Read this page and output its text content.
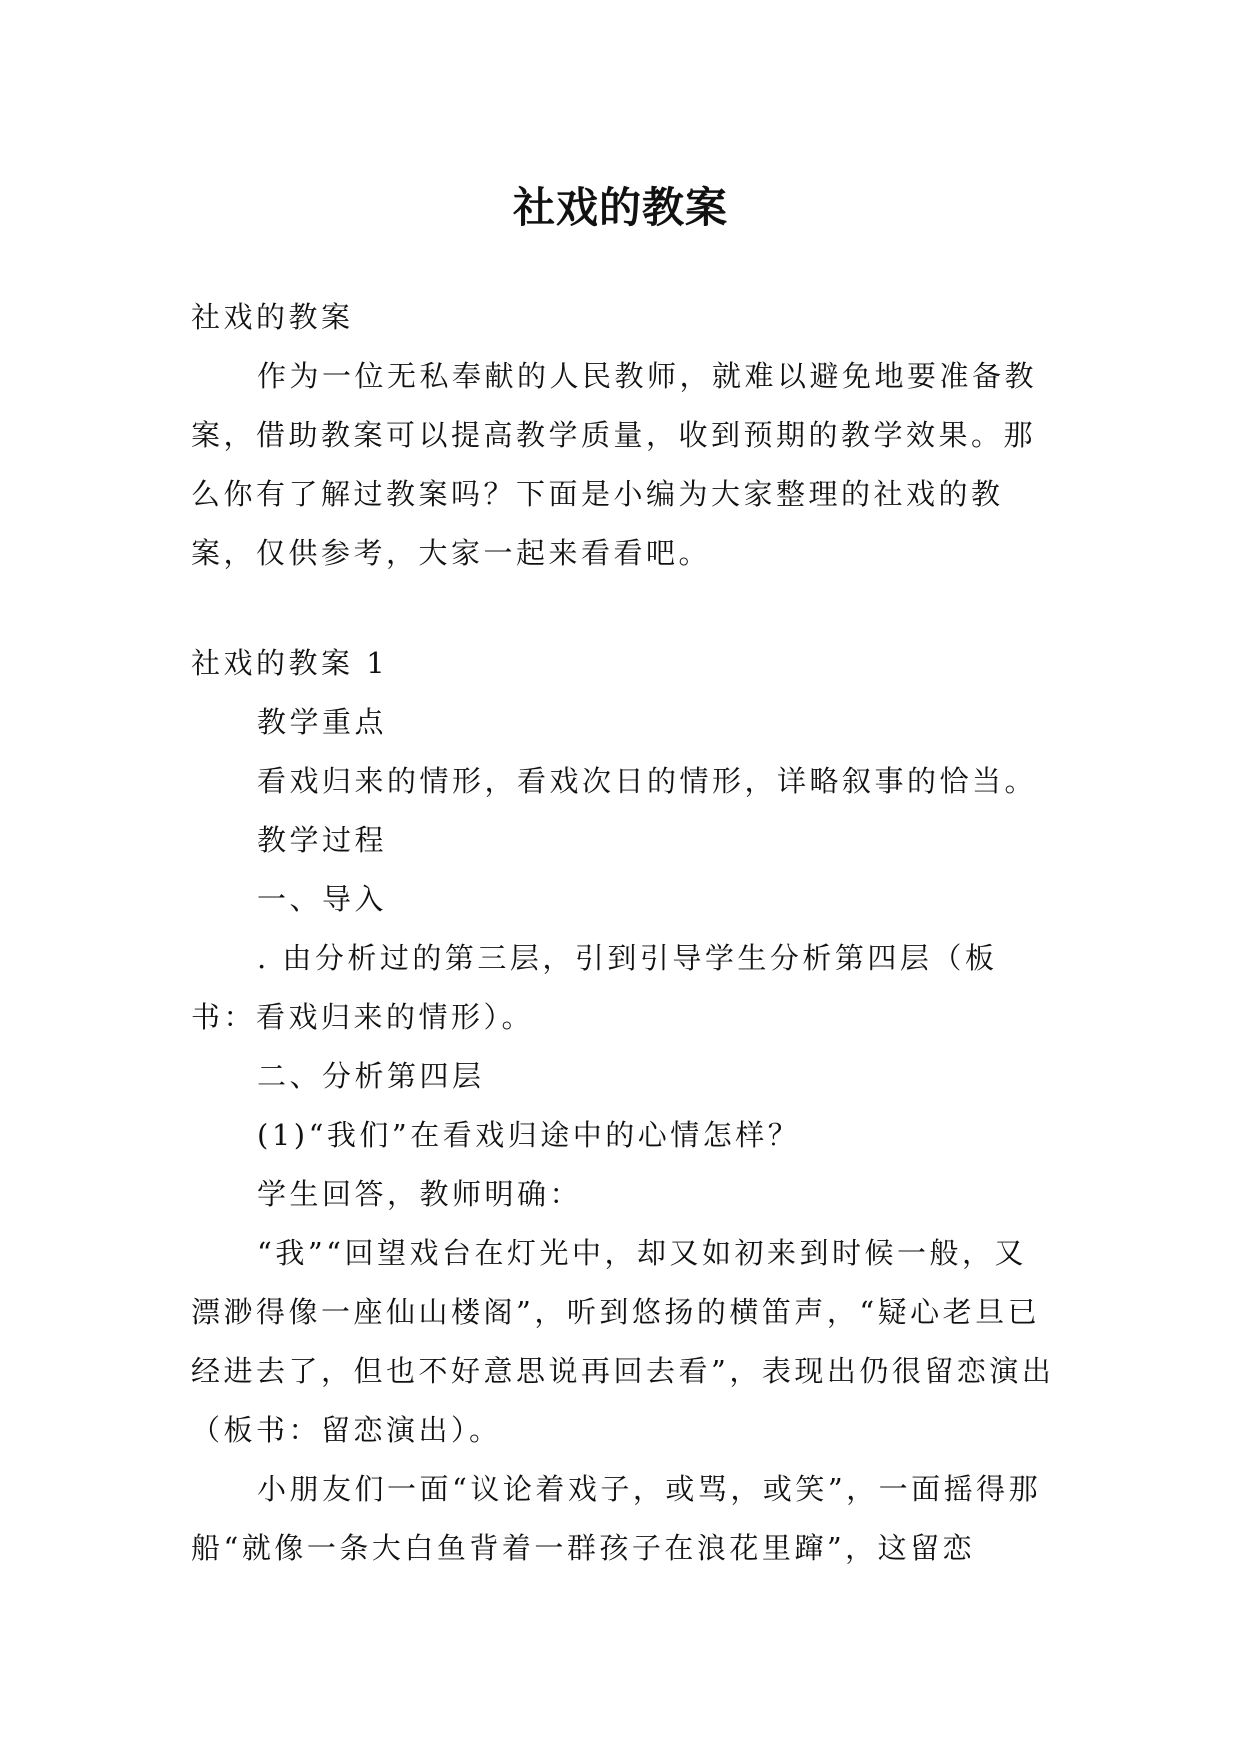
社戏的教案

社戏的教案

作为一位无私奉献的人民教师，就难以避免地要准备教案，借助教案可以提高教学质量，收到预期的教学效果。那么你有了解过教案吗？下面是小编为大家整理的社戏的教案，仅供参考，大家一起来看看吧。

社戏的教案 1

教学重点

看戏归来的情形，看戏次日的情形，详略叙事的恰当。

教学过程

一、导入

. 由分析过的第三层，引到引导学生分析第四层（板书：看戏归来的情形）。

二、分析第四层

(1)“我们”在看戏归途中的心情怎样？

学生回答，教师明确：

“我”“回望戏台在灯光中，却又如初来到时候一般，又漂渺得像一座仙山楼阁”，听到悠扬的横笛声，“疑心老旦已经进去了，但也不好意思说再回去看”，表现出仍很留恋演出（板书：留恋演出）。

小朋友们一面“议论着戏子，或骂，或笑”，一面摇得那船“就像一条大白鱼背着一群孩子在浪花里蹿”，这留恋
